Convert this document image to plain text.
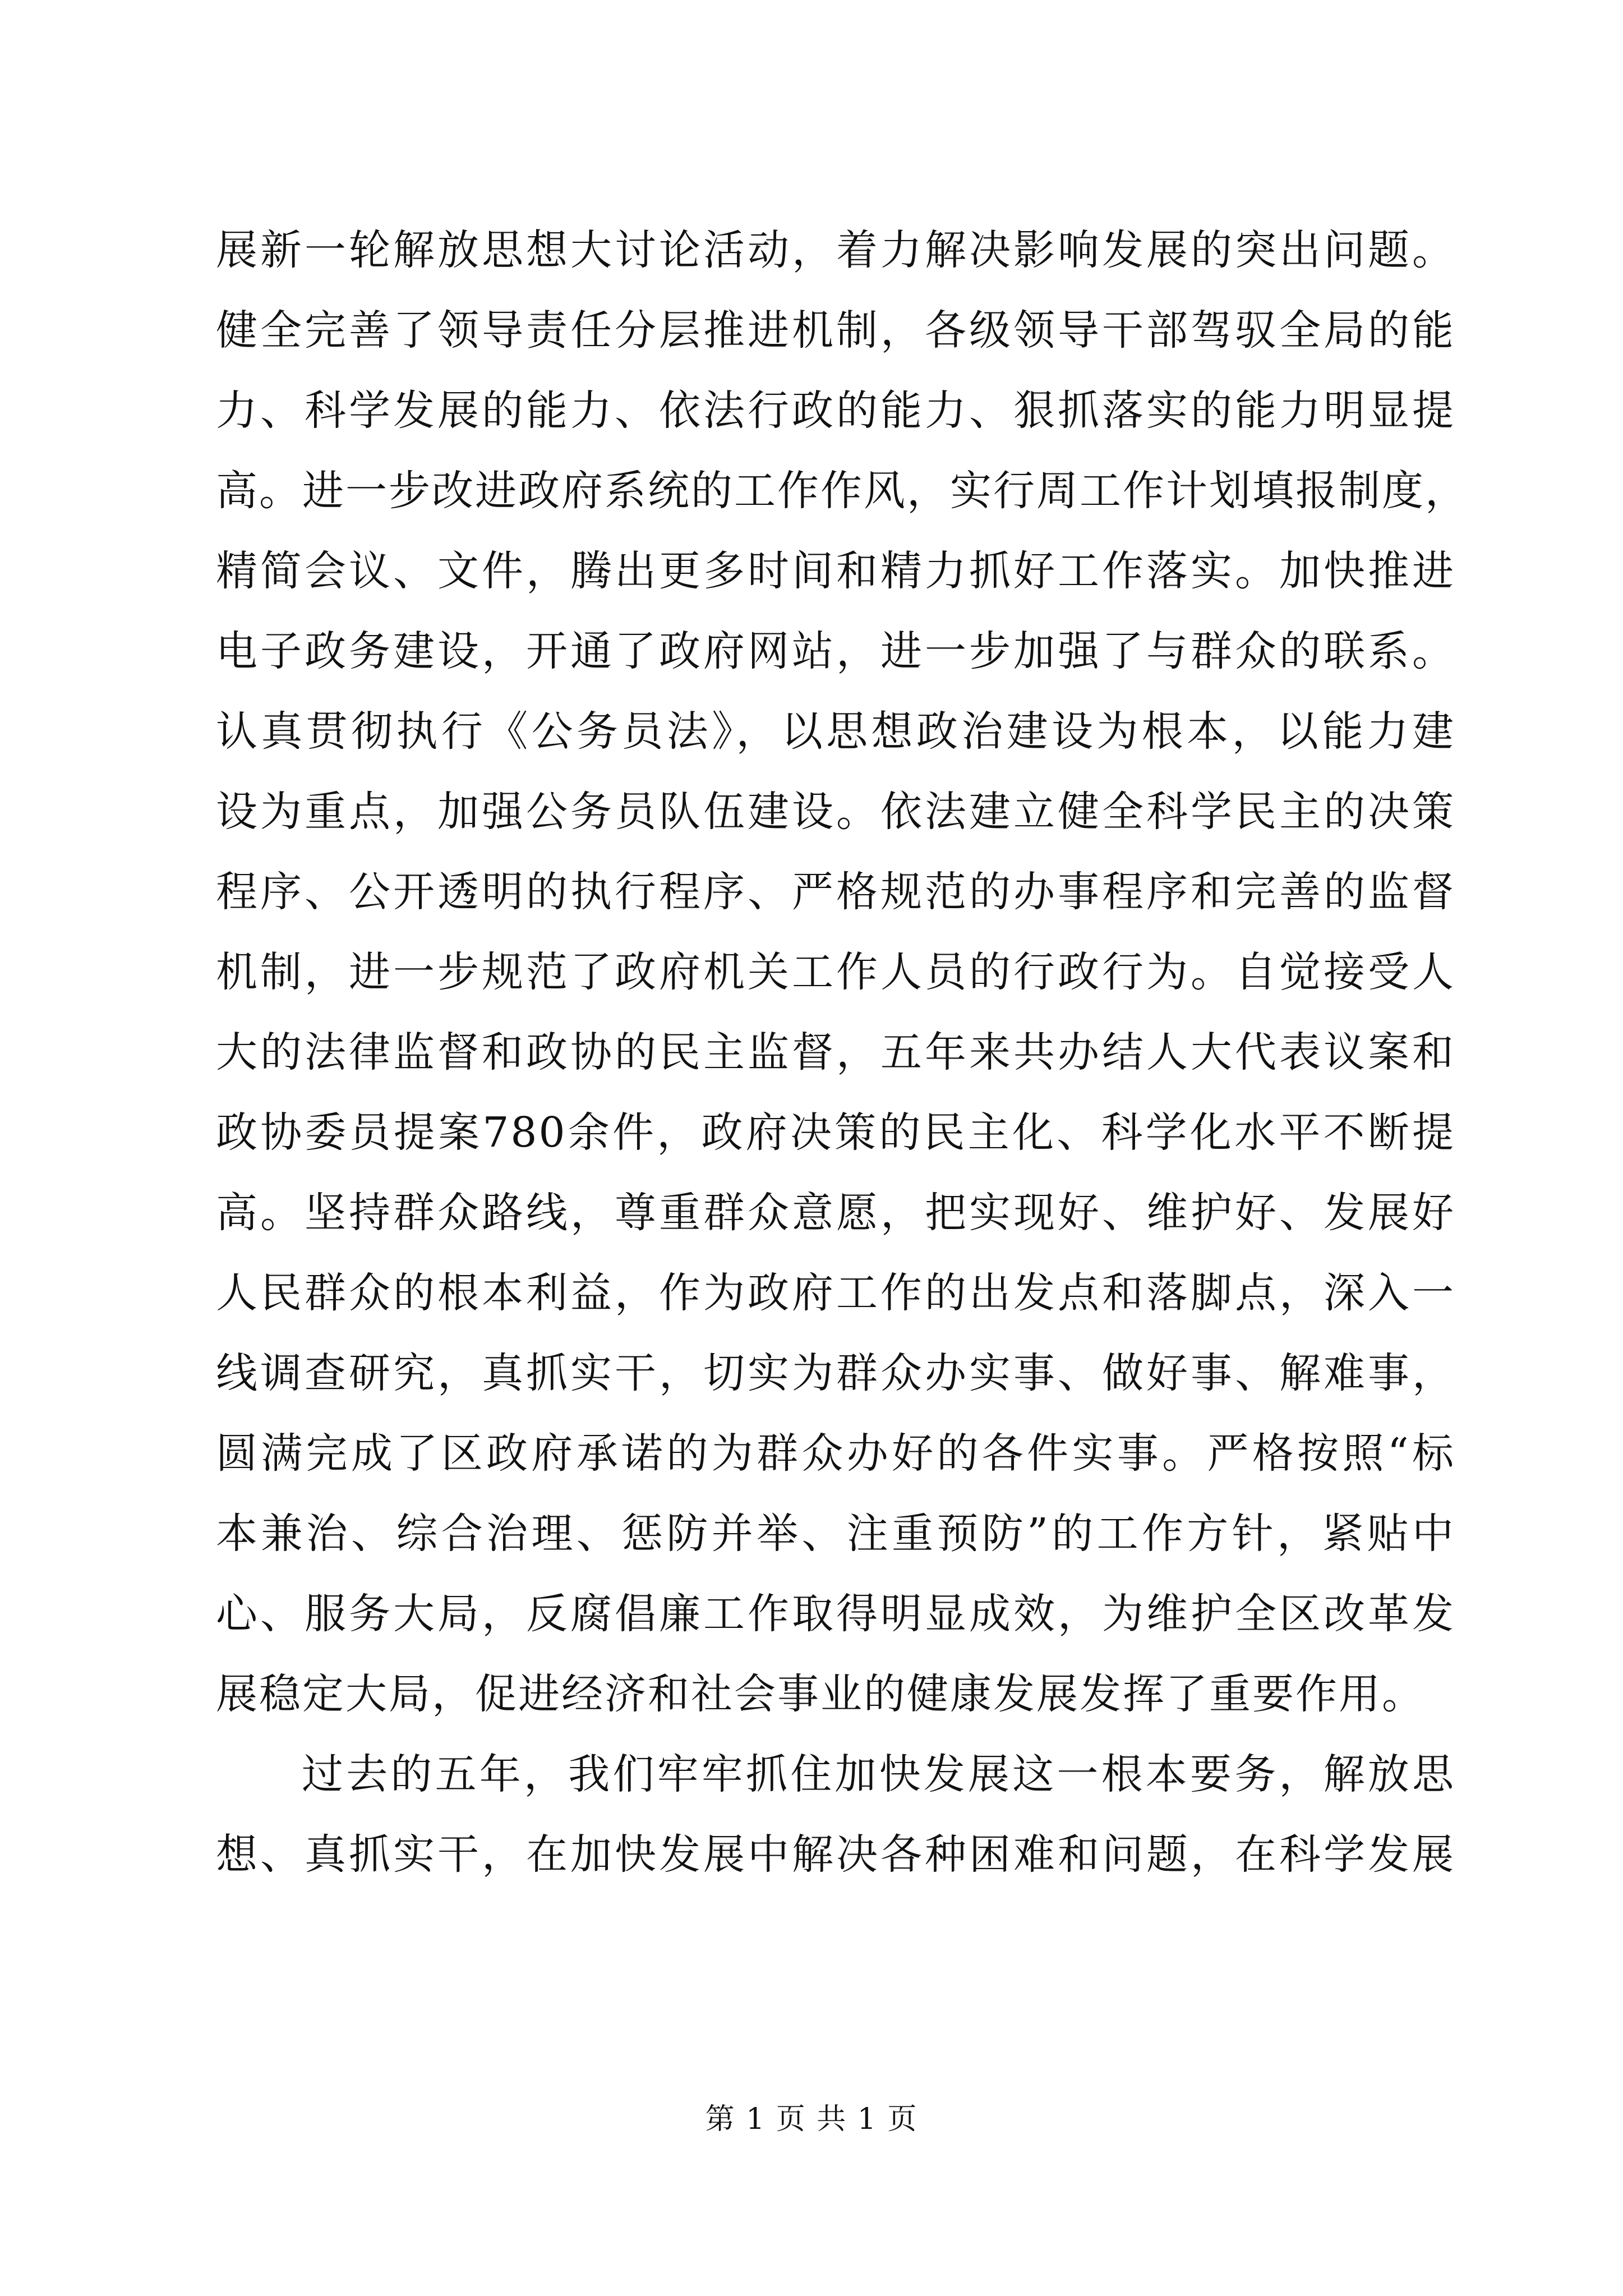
展新一轮解放思想大讨论活动，着力解决影响发展的突出问题。
健全完善了领导责任分层推进机制，各级领导干部驾驭全局的能
力、科学发展的能力、依法行政的能力、狠抓落实的能力明显提
高。进一步改进政府系统的工作作风，实行周工作计划填报制度，
精简会议、文件，腾出更多时间和精力抓好工作落实。加快推进
电子政务建设，开通了政府网站，进一步加强了与群众的联系。
认真贯彻执行《公务员法》，以思想政治建设为根本，以能力建
设为重点，加强公务员队伍建设。依法建立健全科学民主的决策
程序、公开透明的执行程序、严格规范的办事程序和完善的监督
机制，进一步规范了政府机关工作人员的行政行为。自觉接受人
大的法律监督和政协的民主监督，五年来共办结人大代表议案和
政协委员提案780余件，政府决策的民主化、科学化水平不断提
高。坚持群众路线，尊重群众意愿，把实现好、维护好、发展好
人民群众的根本利益，作为政府工作的出发点和落脚点，深入一
线调查研究，真抓实干，切实为群众办实事、做好事、解难事，
圆满完成了区政府承诺的为群众办好的各件实事。严格按照“标
本兼治、综合治理、惩防并举、注重预防”的工作方针，紧贴中
心、服务大局，反腐倡廉工作取得明显成效，为维护全区改革发
展稳定大局，促进经济和社会事业的健康发展发挥了重要作用。
过去的五年，我们牢牢抓住加快发展这一根本要务，解放思
想、真抓实干，在加快发展中解决各种困难和问题，在科学发展
第 1 页 共 1 页
